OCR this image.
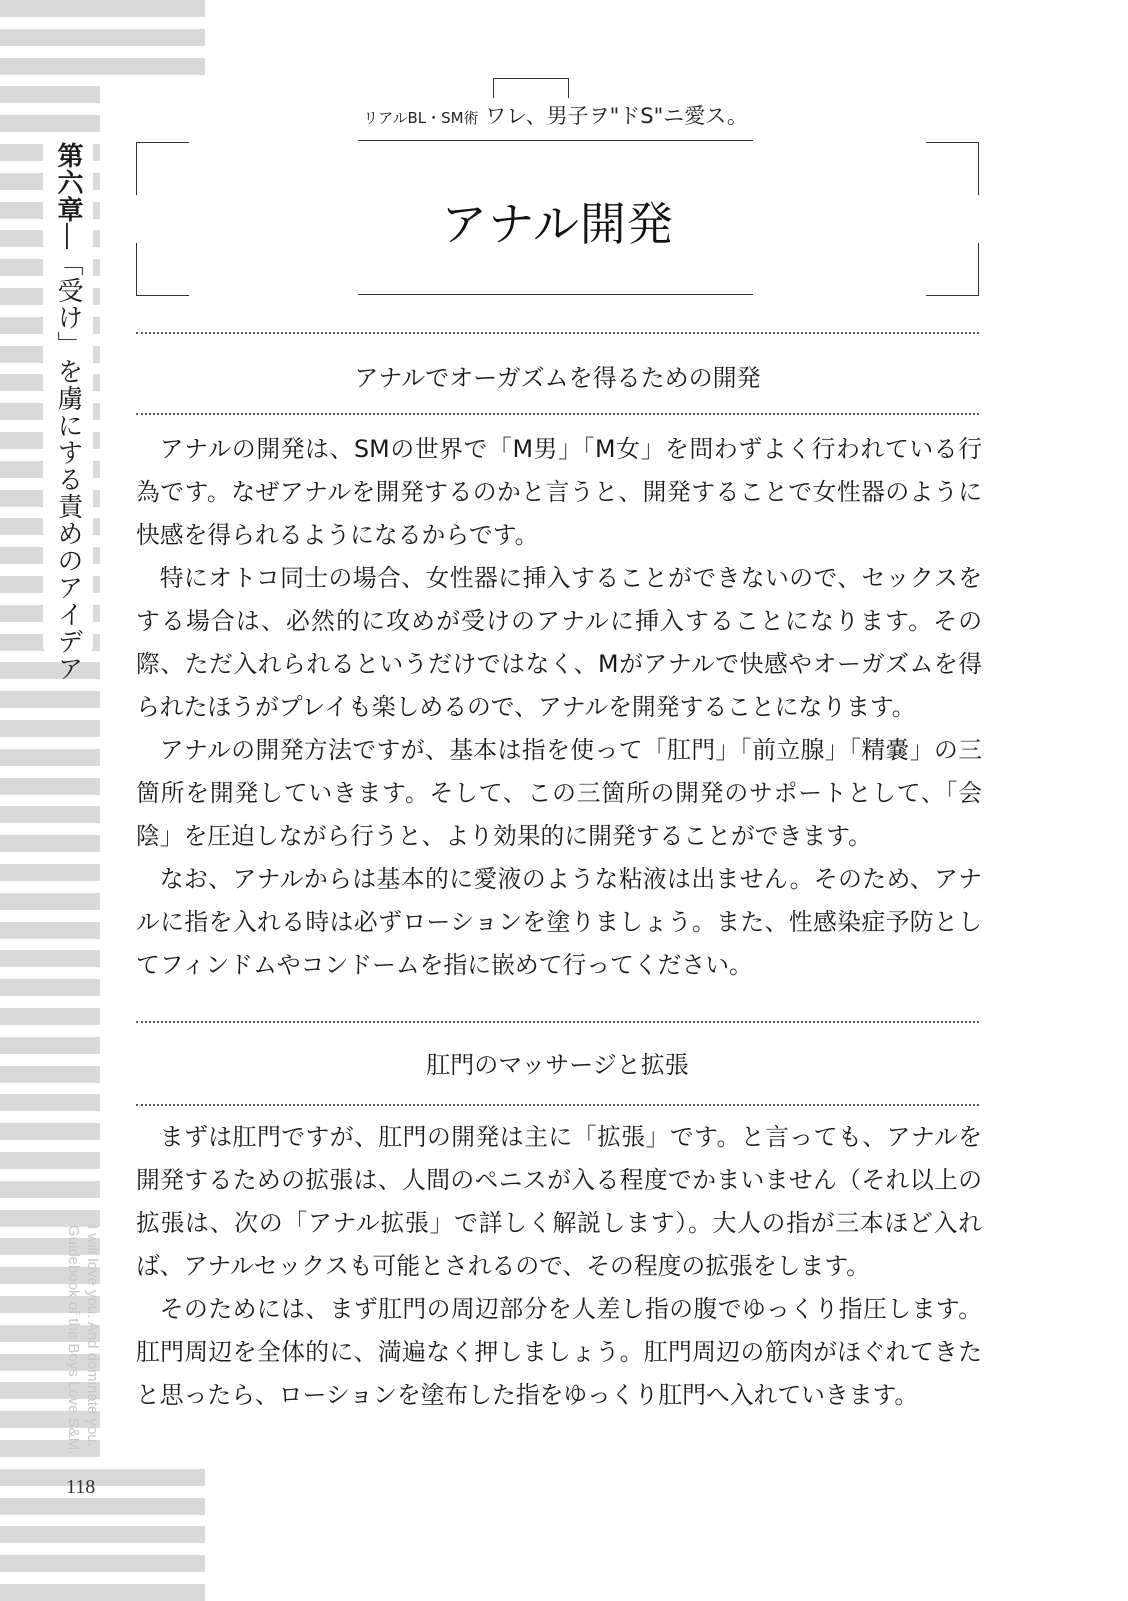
第六章―「受け」を虜にする責めのアイデア
I will love you. And dominate you.
Guidebook of the Boys Love S&M.
118
リアルBL・SM術 ワレ、男子ヲ"ドS"ニ愛ス。
アナル開発
アナルでオーガズムを得るための開発

アナルの開発は、SMの世界で「M男」「M女」を問わずよく行われている行為です。なぜアナルを開発するのかと言うと、開発することで女性器のように快感を得られるようになるからです。

特にオトコ同士の場合、女性器に挿入することができないので、セックスをする場合は、必然的に攻めが受けのアナルに挿入することになります。その際、ただ入れられるというだけではなく、Mがアナルで快感やオーガズムを得られたほうがプレイも楽しめるので、アナルを開発することになります。

アナルの開発方法ですが、基本は指を使って「肛門」「前立腺」「精嚢」の三箇所を開発していきます。そして、この三箇所の開発のサポートとして、「会陰」を圧迫しながら行うと、より効果的に開発することができます。

なお、アナルからは基本的に愛液のような粘液は出ません。そのため、アナルに指を入れる時は必ずローションを塗りましょう。また、性感染症予防としてフィンドムやコンドームを指に嵌めて行ってください。

肛門のマッサージと拡張

まずは肛門ですが、肛門の開発は主に「拡張」です。と言っても、アナルを開発するための拡張は、人間のペニスが入る程度でかまいません（それ以上の拡張は、次の「アナル拡張」で詳しく解説します）。大人の指が三本ほど入れば、アナルセックスも可能とされるので、その程度の拡張をします。

そのためには、まず肛門の周辺部分を人差し指の腹でゆっくり指圧します。肛門周辺を全体的に、満遍なく押しましょう。肛門周辺の筋肉がほぐれてきたと思ったら、ローションを塗布した指をゆっくり肛門へ入れていきます。
